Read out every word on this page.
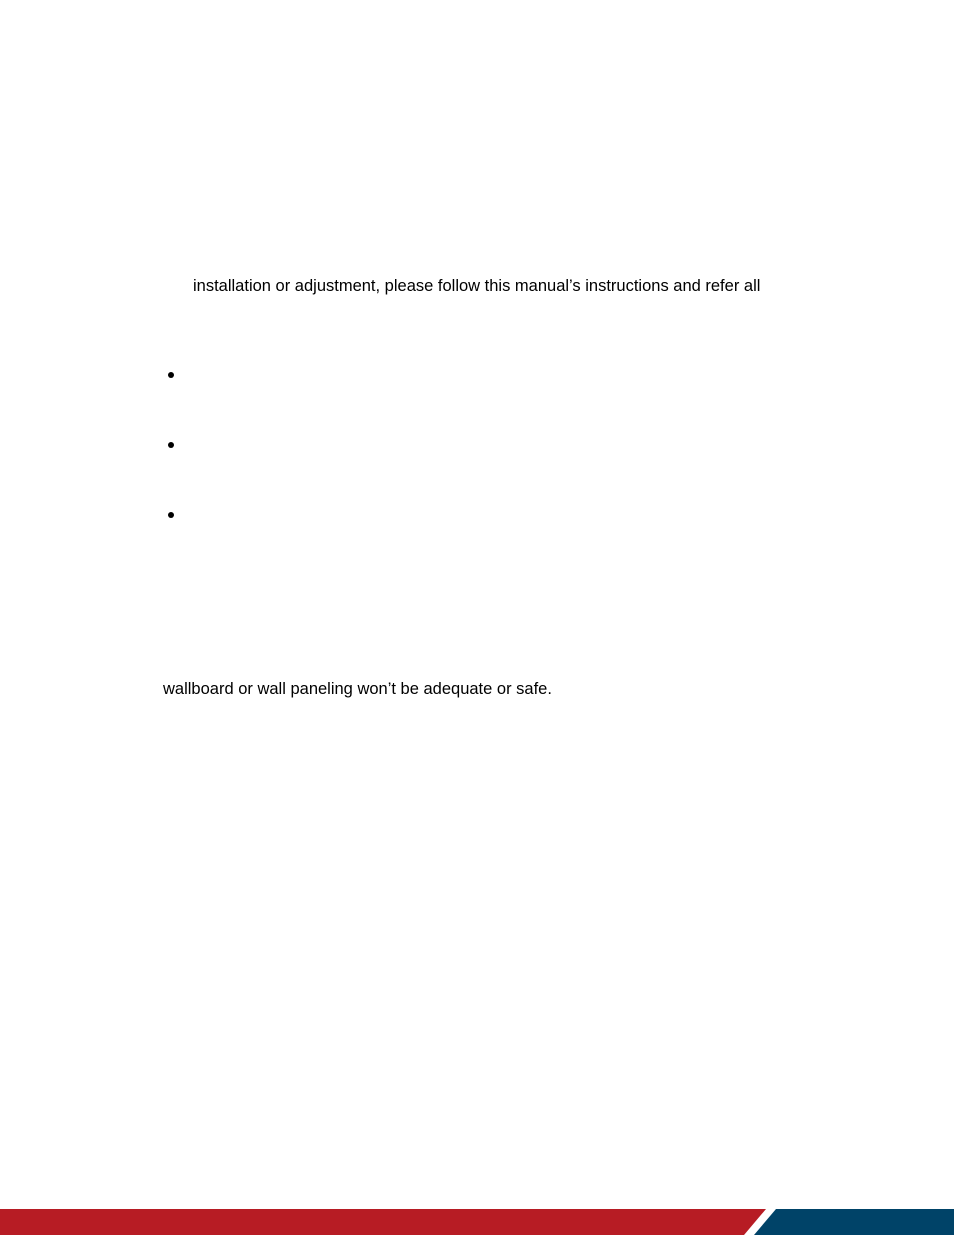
installation or adjustment, please follow this manual’s instructions and refer all
wallboard or wall paneling won’t be adequate or safe.
